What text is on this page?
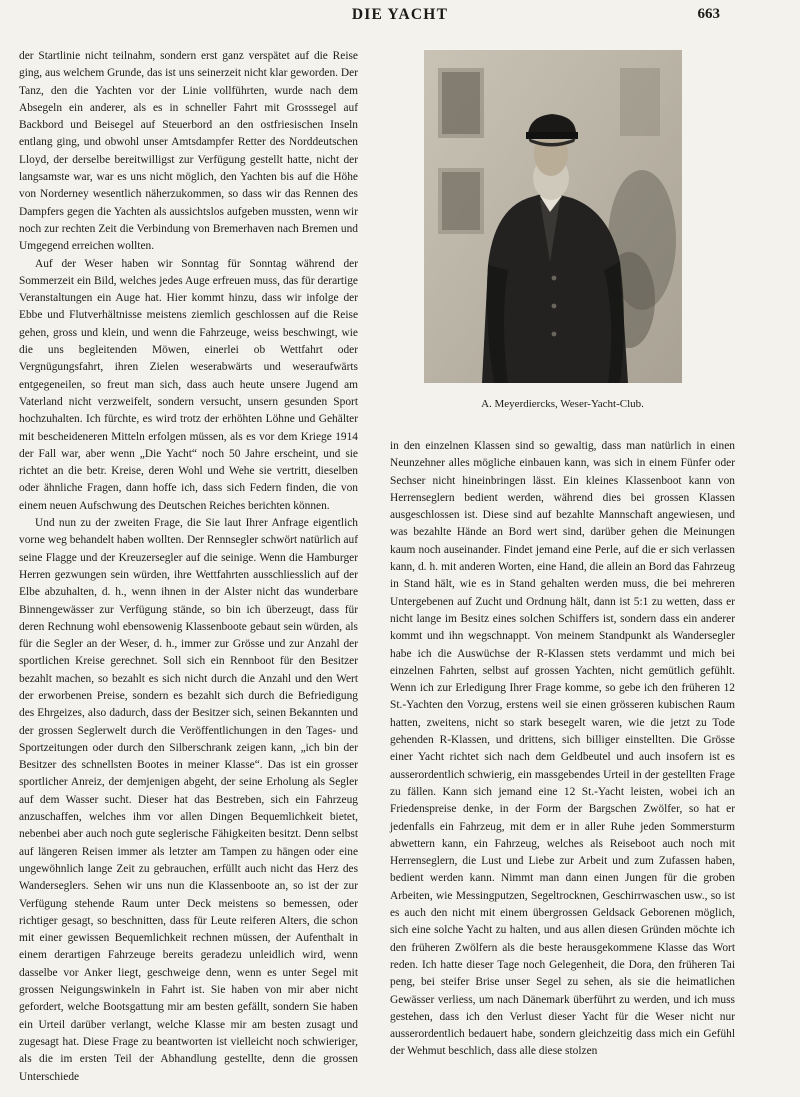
DIE YACHT	663
A. Meyerdiercks, Weser-Yacht-Club.

der Startlinie nicht teilnahm, sondern erst ganz verspätet auf die Reise ging, aus welchem Grunde, das ist uns seinerzeit nicht klar geworden. Der Tanz, den die Yachten vor der Linie vollführten, wurde nach dem Absegeln ein anderer, als es in schneller Fahrt mit Grosssegel auf Backbord und Beisegel auf Steuerbord an den ostfriesischen Inseln entlang ging, und obwohl unser Amtsdampfer Retter des Norddeutschen Lloyd, der derselbe bereitwilligst zur Verfügung gestellt hatte, nicht der langsamste war, war es uns nicht möglich, den Yachten bis auf die Höhe von Norderney wesentlich näherzukommen, so dass wir das Rennen des Dampfers gegen die Yachten als aussichtslos aufgeben mussten, wenn wir noch zur rechten Zeit die Verbindung von Bremerhaven nach Bremen und Umgegend erreichen wollten.

Auf der Weser haben wir Sonntag für Sonntag während der Sommerzeit ein Bild, welches jedes Auge erfreuen muss, das für derartige Veranstaltungen ein Auge hat. Hier kommt hinzu, dass wir infolge der Ebbe und Flutverhältnisse meistens ziemlich geschlossen auf die Reise gehen, gross und klein, und wenn die Fahrzeuge, weiss beschwingt, wie die uns begleitenden Möwen, einerlei ob Wettfahrt oder Vergnügungsfahrt, ihren Zielen weserabwärts und weseraufwärts entgegeneilen, so freut man sich, dass auch heute unsere Jugend am Vaterland nicht verzweifelt, sondern versucht, unsern gesunden Sport hochzuhalten. Ich fürchte, es wird trotz der erhöhten Löhne und Gehälter mit bescheideneren Mitteln erfolgen müssen, als es vor dem Kriege 1914 der Fall war, aber wenn „Die Yacht“ noch 50 Jahre erscheint, und sie richtet an die betr. Kreise, deren Wohl und Wehe sie vertritt, dieselben oder ähnliche Fragen, dann hoffe ich, dass sich Federn finden, die von einem neuen Aufschwung des Deutschen Reiches berichten können.

Und nun zu der zweiten Frage, die Sie laut Ihrer Anfrage eigentlich vorne weg behandelt haben wollten. Der Rennsegler schwört natürlich auf seine Flagge und der Kreuzersegler auf die seinige. Wenn die Hamburger Herren gezwungen sein würden, ihre Wettfahrten ausschliesslich auf der Elbe abzuhalten, d. h., wenn ihnen in der Alster nicht das wunderbare Binnengewässer zur Verfügung stände, so bin ich überzeugt, dass für deren Rechnung wohl ebensowenig Klassenboote gebaut sein würden, als für die Segler an der Weser, d. h., immer zur Grösse und zur Anzahl der sportlichen Kreise gerechnet. Soll sich ein Rennboot für den Besitzer bezahlt machen, so bezahlt es sich nicht durch die Anzahl und den Wert der erworbenen Preise, sondern es bezahlt sich durch die Befriedigung des Ehrgeizes, also dadurch, dass der Besitzer sich, seinen Bekannten und der grossen Seglerwelt durch die Veröffentlichungen in den Tages- und Sportzeitungen oder durch den Silberschrank zeigen kann, „ich bin der Besitzer des schnellsten Bootes in meiner Klasse“. Das ist ein grosser sportlicher Anreiz, der demjenigen abgeht, der seine Erholung als Segler auf dem Wasser sucht. Dieser hat das Bestreben, sich ein Fahrzeug anzuschaffen, welches ihm vor allen Dingen Bequemlichkeit bietet, nebenbei aber auch noch gute seglerische Fähigkeiten besitzt. Denn selbst auf längeren Reisen immer als letzter am Tampen zu hängen oder eine ungewöhnlich lange Zeit zu gebrauchen, erfüllt auch nicht das Herz des Wanderseglers. Sehen wir uns nun die Klassenboote an, so ist der zur Verfügung stehende Raum unter Deck meistens so bemessen, oder richtiger gesagt, so beschnitten, dass für Leute reiferen Alters, die schon mit einer gewissen Bequemlichkeit rechnen müssen, der Aufenthalt in einem derartigen Fahrzeuge bereits geradezu unleidlich wird, wenn dasselbe vor Anker liegt, geschweige denn, wenn es unter Segel mit grossen Neigungswinkeln in Fahrt ist. Sie haben von mir aber nicht gefordert, welche Bootsgattung mir am besten gefällt, sondern Sie haben ein Urteil darüber verlangt, welche Klasse mir am besten zusagt und zugesagt hat. Diese Frage zu beantworten ist vielleicht noch schwieriger, als die im ersten Teil der Abhandlung gestellte, denn die grossen Unterschiede

in den einzelnen Klassen sind so gewaltig, dass man natürlich in einen Neunzehner alles mögliche einbauen kann, was sich in einem Fünfer oder Sechser nicht hineinbringen lässt. Ein kleines Klassenboot kann von Herrenseglern bedient werden, während dies bei grossen Klassen ausgeschlossen ist. Diese sind auf bezahlte Mannschaft angewiesen, und was bezahlte Hände an Bord wert sind, darüber gehen die Meinungen kaum noch auseinander. Findet jemand eine Perle, auf die er sich verlassen kann, d. h. mit anderen Worten, eine Hand, die allein an Bord das Fahrzeug in Stand hält, wie es in Stand gehalten werden muss, die bei mehreren Untergebenen auf Zucht und Ordnung hält, dann ist 5:1 zu wetten, dass er nicht lange im Besitz eines solchen Schiffers ist, sondern dass ein anderer kommt und ihn wegschnappt. Von meinem Standpunkt als Wandersegler habe ich die Auswüchse der R-Klassen stets verdammt und mich bei einzelnen Fahrten, selbst auf grossen Yachten, nicht gemütlich gefühlt. Wenn ich zur Erledigung Ihrer Frage komme, so gebe ich den früheren 12 St.-Yachten den Vorzug, erstens weil sie einen grösseren kubischen Raum hatten, zweitens, nicht so stark besegelt waren, wie die jetzt zu Tode gehenden R-Klassen, und drittens, sich billiger einstellten. Die Grösse einer Yacht richtet sich nach dem Geldbeutel und auch insofern ist es ausserordentlich schwierig, ein massgebendes Urteil in der gestellten Frage zu fällen. Kann sich jemand eine 12 St.-Yacht leisten, wobei ich an Friedenspreise denke, in der Form der Bargschen Zwölfer, so hat er jedenfalls ein Fahrzeug, mit dem er in aller Ruhe jeden Sommersturm abwettern kann, ein Fahrzeug, welches als Reiseboot auch noch mit Herrenseglern, die Lust und Liebe zur Arbeit und zum Zufassen haben, bedient werden kann. Nimmt man dann einen Jungen für die groben Arbeiten, wie Messingputzen, Segeltrocknen, Geschirrwaschen usw., so ist es auch den nicht mit einem übergrossen Geldsack Geborenen möglich, sich eine solche Yacht zu halten, und aus allen diesen Gründen möchte ich den früheren Zwölfern als die beste herausgekommene Klasse das Wort reden. Ich hatte dieser Tage noch Gelegenheit, die Dora, den früheren Tai peng, bei steifer Brise unser Segel zu sehen, als sie die heimatlichen Gewässer verliess, um nach Dänemark überführt zu werden, und ich muss gestehen, dass ich den Verlust dieser Yacht für die Weser nicht nur ausserordentlich bedauert habe, sondern gleichzeitig dass mich ein Gefühl der Wehmut beschlich, dass alle diese stolzen
